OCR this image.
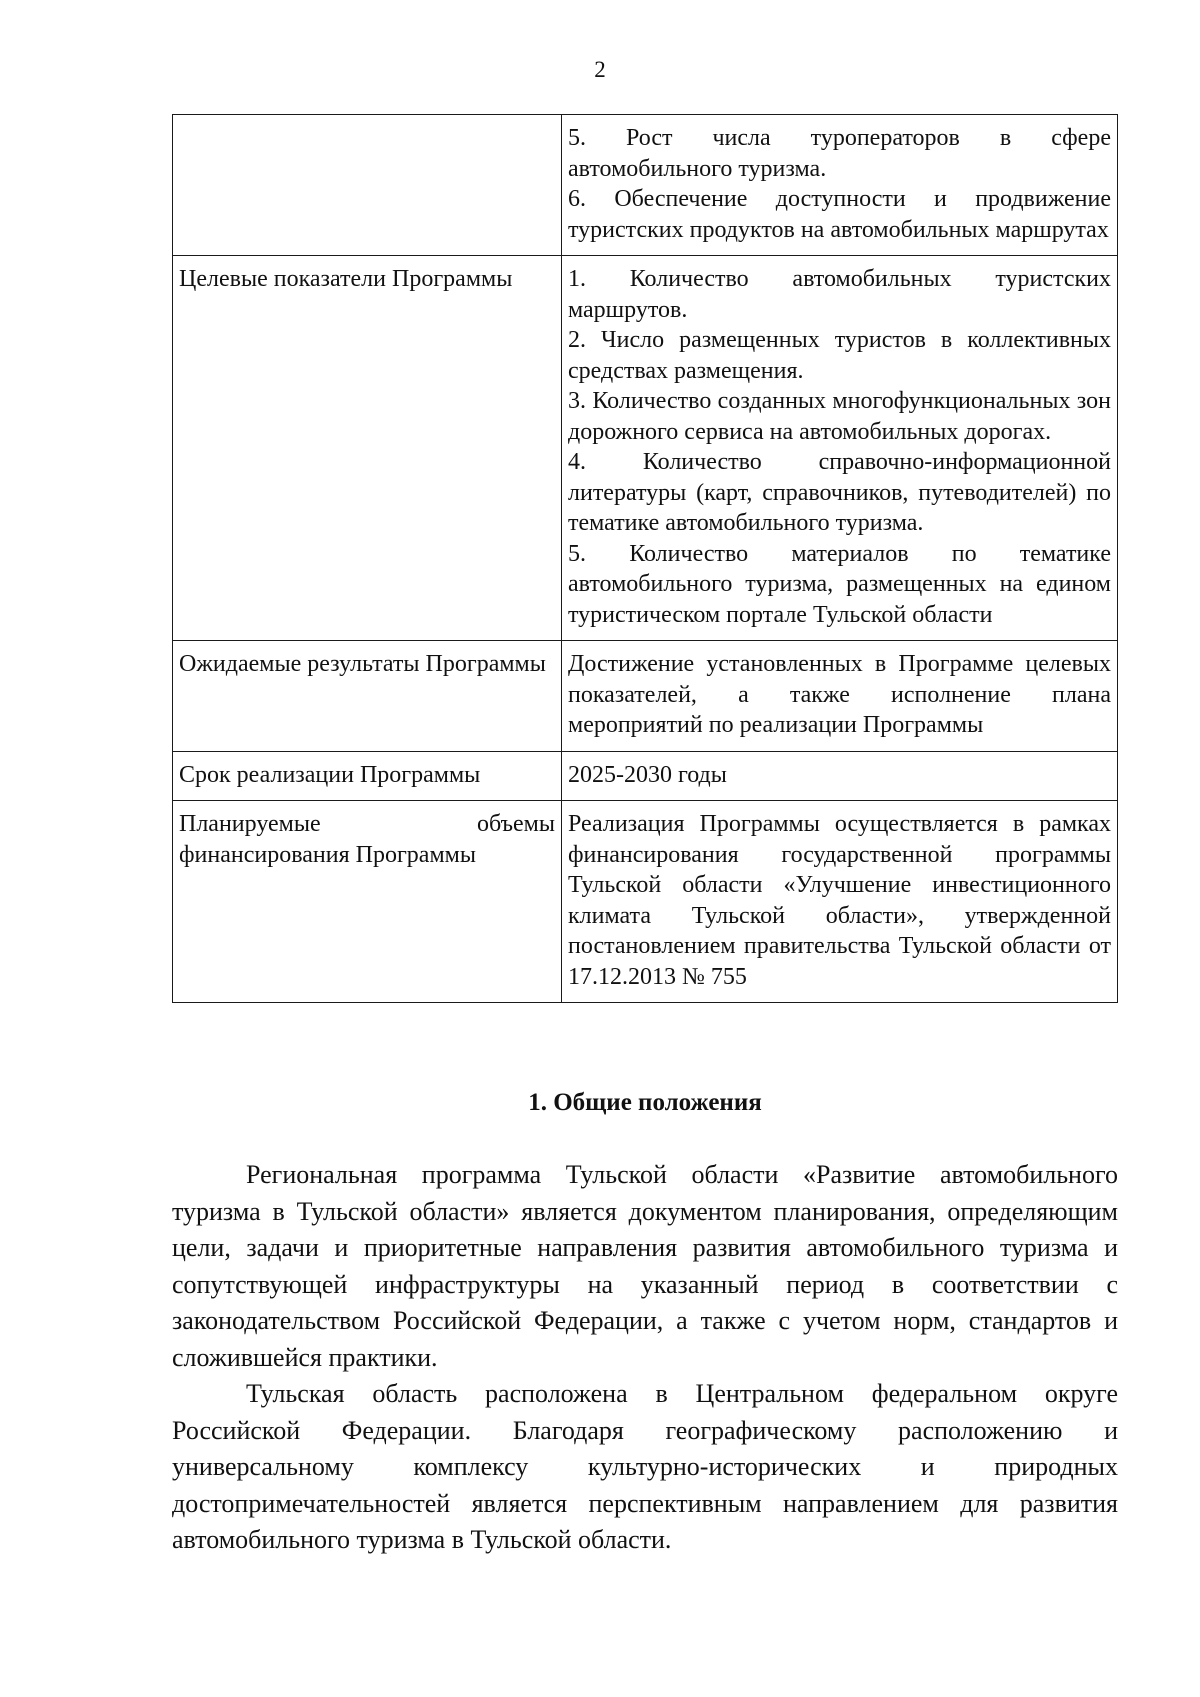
2

	5. Рост числа туроператоров в сфере автомобильного туризма.
6. Обеспечение доступности и продвижение туристских продуктов на автомобильных маршрутах

Целевые показатели Программы	1. Количество автомобильных туристских маршрутов.
2. Число размещенных туристов в коллективных средствах размещения.
3. Количество созданных многофункциональных зон дорожного сервиса на автомобильных дорогах.
4. Количество справочно-информационной литературы (карт, справочников, путеводителей) по тематике автомобильного туризма.
5. Количество материалов по тематике автомобильного туризма, размещенных на едином туристическом портале Тульской области

Ожидаемые результаты Программы	Достижение установленных в Программе целевых показателей, а также исполнение плана мероприятий по реализации Программы

Срок реализации Программы	2025-2030 годы

Планируемые объемы финансирования Программы	Реализация Программы осуществляется в рамках финансирования государственной программы Тульской области «Улучшение инвестиционного климата Тульской области», утвержденной постановлением правительства Тульской области от 17.12.2013 № 755
1. Общие положения

Региональная программа Тульской области «Развитие автомобильного туризма в Тульской области» является документом планирования, определяющим цели, задачи и приоритетные направления развития автомобильного туризма и сопутствующей инфраструктуры на указанный период в соответствии с законодательством Российской Федерации, а также с учетом норм, стандартов и сложившейся практики.

Тульская область расположена в Центральном федеральном округе Российской Федерации. Благодаря географическому расположению и универсальному комплексу культурно-исторических и природных достопримечательностей является перспективным направлением для развития автомобильного туризма в Тульской области.
